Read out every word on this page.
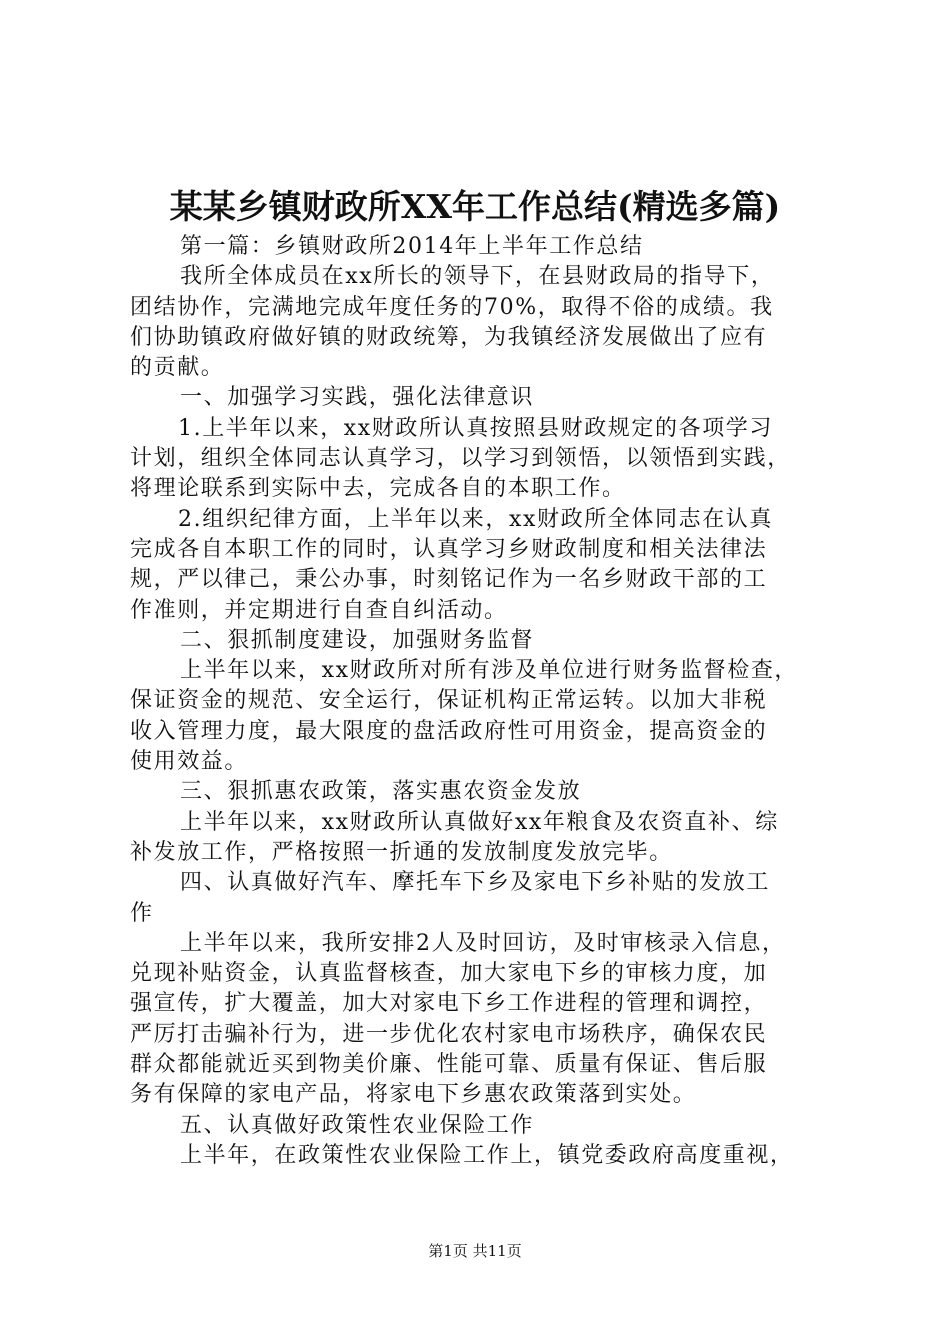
某某乡镇财政所XX年工作总结(精选多篇)
第一篇：乡镇财政所2014年上半年工作总结
我所全体成员在xx所长的领导下，在县财政局的指导下，
团结协作，完满地完成年度任务的70%，取得不俗的成绩。我
们协助镇政府做好镇的财政统筹，为我镇经济发展做出了应有
的贡献。
一、加强学习实践，强化法律意识
1.上半年以来，xx财政所认真按照县财政规定的各项学习
计划，组织全体同志认真学习，以学习到领悟，以领悟到实践，
将理论联系到实际中去，完成各自的本职工作。
2.组织纪律方面，上半年以来，xx财政所全体同志在认真
完成各自本职工作的同时，认真学习乡财政制度和相关法律法
规，严以律己，秉公办事，时刻铭记作为一名乡财政干部的工
作准则，并定期进行自查自纠活动。
二、狠抓制度建设，加强财务监督
上半年以来，xx财政所对所有涉及单位进行财务监督检查，
保证资金的规范、安全运行，保证机构正常运转。以加大非税
收入管理力度，最大限度的盘活政府性可用资金，提高资金的
使用效益。
三、狠抓惠农政策，落实惠农资金发放
上半年以来，xx财政所认真做好xx年粮食及农资直补、综
补发放工作，严格按照一折通的发放制度发放完毕。
四、认真做好汽车、摩托车下乡及家电下乡补贴的发放工
作
上半年以来，我所安排2人及时回访，及时审核录入信息，
兑现补贴资金，认真监督核查，加大家电下乡的审核力度，加
强宣传，扩大覆盖，加大对家电下乡工作进程的管理和调控，
严厉打击骗补行为，进一步优化农村家电市场秩序，确保农民
群众都能就近买到物美价廉、性能可靠、质量有保证、售后服
务有保障的家电产品，将家电下乡惠农政策落到实处。
五、认真做好政策性农业保险工作
上半年，在政策性农业保险工作上，镇党委政府高度重视，
第1页 共11页
